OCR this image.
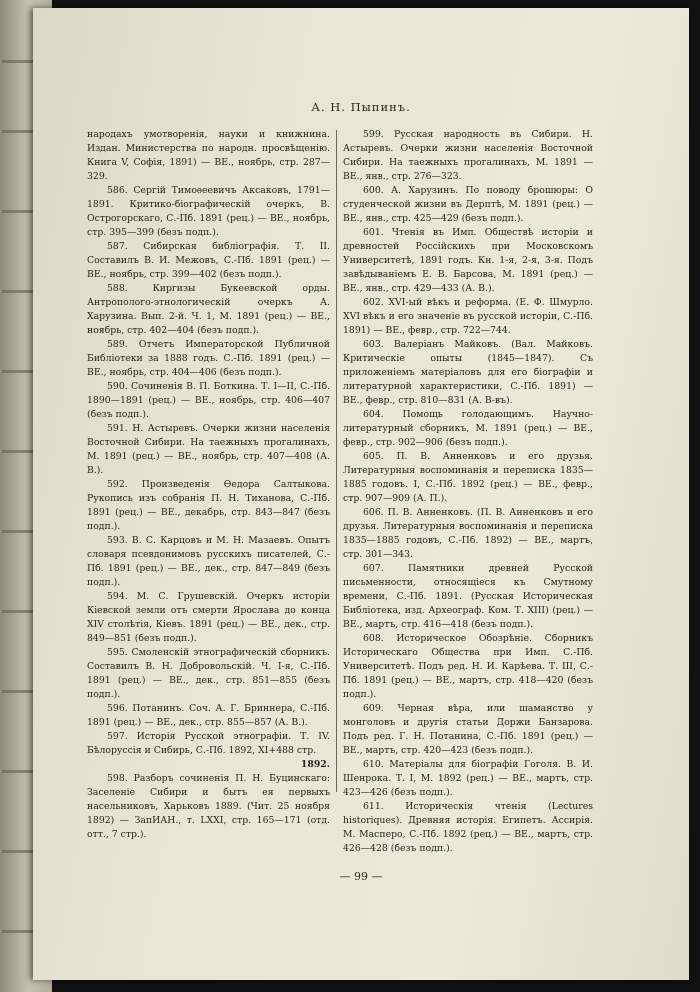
А. Н. Пыпинъ.

народахъ умотворенія, науки и книжнина. Издан. Министерства по народн. просвѣщенію. Книга V, Софія, 1891) — ВЕ., ноябрь, стр. 287—329.

586. Сергій Тимоѳеевичъ Аксаковъ, 1791—1891. Критико-біографическій очеркъ, В. Острогорскаго, С.-Пб. 1891 (рец.) — ВЕ., ноябрь, стр. 395—399 (безъ подп.).

587. Сибирская библіографія. Т. II. Составилъ В. И. Межовъ, С.-Пб. 1891 (рец.) — ВЕ., ноябрь, стр. 399—402 (безъ подп.).

588. Киргизы Букеевской орды. Антропологo-этнологическій очеркъ А. Харузина. Вып. 2-й. Ч. 1, М. 1891 (рец.) — ВЕ., ноябрь, стр. 402—404 (безъ подп.).

589. Отчетъ Императорской Публичной Библіотеки за 1888 годъ. С.-Пб. 1891 (рец.) — ВЕ., ноябрь, стр. 404—406 (безъ подп.).

590. Сочиненія В. П. Боткина. Т. I—II, С.-Пб. 1890—1891 (рец.) — ВЕ., ноябрь, стр. 406—407 (безъ подп.).

591. Н. Астыревъ. Очерки жизни населенія Восточной Сибири. На таежныхъ прогалинахъ, М. 1891 (рец.) — ВЕ., ноябрь, стр. 407—408 (А. В.).

592. Произведенія Ѳедора Салтыкова. Рукопись изъ собранія П. Н. Тиханова, С.-Пб. 1891 (рец.) — ВЕ., декабрь, стр. 843—847 (безъ подп.).

593. В. С. Карцовъ и М. Н. Мазаевъ. Опытъ словаря псевдонимовъ русскихъ писателей, С.-Пб. 1891 (рец.) — ВЕ., дек., стр. 847—849 (безъ подп.).

594. М. С. Грушевскій. Очеркъ исторіи Кіевской земли отъ смерти Ярослава до конца XIV столѣтія, Кіевъ. 1891 (рец.) — ВЕ., дек., стр. 849—851 (безъ подп.).

595. Смоленскій этнографическій сборникъ. Составилъ В. Н. Добровольскій. Ч. I-я, С.-Пб. 1891 (рец.) — ВЕ., дек., стр. 851—855 (безъ подп.).

596. Потанинъ. Соч. А. Г. Бриннера, С.-Пб. 1891 (рец.) — ВЕ., дек., стр. 855—857 (А. В.).

597. Исторія Русской этнографіи. Т. IV. Бѣлоруссія и Сибирь, С.-Пб. 1892, XI+488 стр.

1892.

598. Разборъ сочиненія П. Н. Буцинскаго: Заселеніе Сибири и бытъ ея первыхъ насельниковъ, Харьковъ 1889. (Чит. 25 ноября 1892) — ЗапИАН., т. LXXI, стр. 165—171 (отд. отт., 7 стр.).

599. Русская народность въ Сибири. Н. Астыревъ. Очерки жизни населенія Восточной Сибири. На таежныхъ прогалинахъ, М. 1891 — ВЕ., янв., стр. 276—323.

600. А. Харузинъ. По поводу брошюры: О студенческой жизни въ Дерптѣ, М. 1891 (рец.) — ВЕ., янв., стр. 425—429 (безъ подп.).

601. Чтенія въ Имп. Обществѣ исторіи и древностей Россійскихъ при Московскомъ Университетѣ, 1891 годъ. Кн. 1-я, 2-я, 3-я. Подъ завѣдываніемъ Е. В. Барсова, М. 1891 (рец.) — ВЕ., янв., стр. 429—433 (А. В.).

602. XVI-ый вѣкъ и реформа. (Е. Ф. Шмурло. XVI вѣкъ и его значеніе въ русской исторіи, С.-Пб. 1891) — ВЕ., февр., стр. 722—744.

603. Валеріанъ Майковъ. (Вал. Майковъ. Критическіе опыты (1845—1847). Съ приложеніемъ матеріаловъ для его біографіи и литературной характеристики, С.-Пб. 1891) — ВЕ., февр., стр. 810—831 (А. В-въ).

604. Помощь голодающимъ. Научно-литературный сборникъ, М. 1891 (рец.) — ВЕ., февр., стр. 902—906 (безъ подп.).

605. П. В. Анненковъ и его друзья. Литературныя воспоминанія и переписка 1835—1885 годовъ. I, С.-Пб. 1892 (рец.) — ВЕ., февр., стр. 907—909 (А. П.).

606. П. В. Анненковъ. (П. В. Анненковъ и его друзья. Литературныя воспоминанія и переписка 1835—1885 годовъ, С.-Пб. 1892) — ВЕ., мартъ, стр. 301—343.

607. Памятники древней Русской письменности, относящіеся къ Смутному времени, С.-Пб. 1891. (Русская Историческая Библіотека, изд. Археограф. Ком. Т. XIII) (рец.) — ВЕ., мартъ, стр. 416—418 (безъ подп.).

608. Историческое Обозрѣніе. Сборникъ Историческаго Общества при Имп. С.-Пб. Университетѣ. Подъ ред. Н. И. Карѣева. Т. III, С.-Пб. 1891 (рец.) — ВЕ., мартъ, стр. 418—420 (безъ подп.).

609. Черная вѣра, или шаманство у монголовъ и другія статьи Доржи Банзарова. Подъ ред. Г. Н. Потанина, С.-Пб. 1891 (рец.) — ВЕ., мартъ, стр. 420—423 (безъ подп.).

610. Матеріалы для біографіи Гоголя. В. И. Шенрока. Т. I, М. 1892 (рец.) — ВЕ., мартъ, стр. 423—426 (безъ подп.).

611. Историческія чтенія (Lectures historiques). Древняя исторія. Египетъ. Ассирія. М. Масперо, С.-Пб. 1892 (рец.) — ВЕ., мартъ, стр. 426—428 (безъ подп.).

— 99 —
